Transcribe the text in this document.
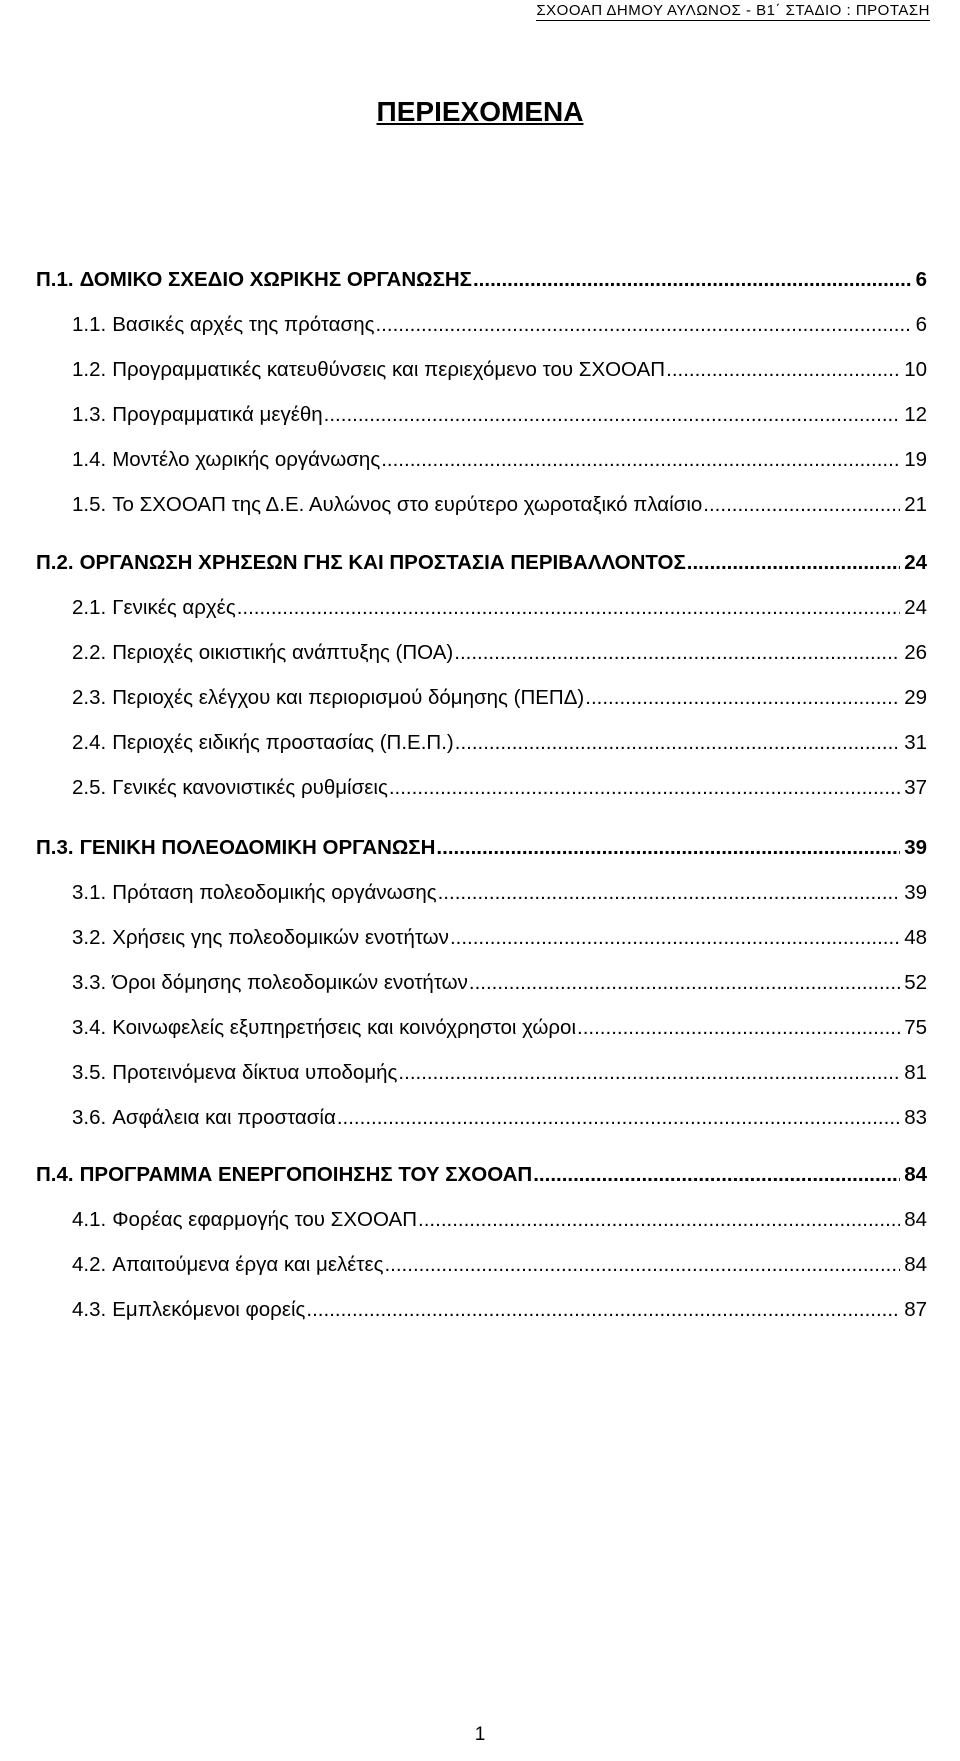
ΣΧΟΟΑΠ ΔΗΜΟΥ ΑΥΛΩΝΟΣ - Β1΄ ΣΤΑΔΙΟ : ΠΡΟΤΑΣΗ
ΠΕΡΙΕΧΟΜΕΝΑ
Π.1. ΔΟΜΙΚΟ ΣΧΕΔΙΟ ΧΩΡΙΚΗΣ ΟΡΓΑΝΩΣΗΣ .....	6
1.1. Βασικές αρχές της πρότασης .....	6
1.2. Προγραμματικές κατευθύνσεις και περιεχόμενο του ΣΧΟΟΑΠ .....	10
1.3. Προγραμματικά μεγέθη .....	12
1.4. Μοντέλο χωρικής οργάνωσης .....	19
1.5. Το ΣΧΟΟΑΠ της Δ.Ε. Αυλώνος στο ευρύτερο χωροταξικό πλαίσιο .....	21
Π.2. ΟΡΓΑΝΩΣΗ ΧΡΗΣΕΩΝ ΓΗΣ ΚΑΙ ΠΡΟΣΤΑΣΙΑ ΠΕΡΙΒΑΛΛΟΝΤΟΣ .....	24
2.1. Γενικές αρχές .....	24
2.2. Περιοχές οικιστικής ανάπτυξης (ΠΟΑ) .....	26
2.3. Περιοχές ελέγχου και περιορισμού δόμησης (ΠΕΠΔ) .....	29
2.4. Περιοχές ειδικής προστασίας (Π.Ε.Π.) .....	31
2.5. Γενικές κανονιστικές ρυθμίσεις .....	37
Π.3. ΓΕΝΙΚΗ ΠΟΛΕΟΔΟΜΙΚΗ ΟΡΓΑΝΩΣΗ .....	39
3.1. Πρόταση πολεοδομικής οργάνωσης .....	39
3.2. Χρήσεις γης πολεοδομικών ενοτήτων .....	48
3.3. Όροι δόμησης πολεοδομικών ενοτήτων .....	52
3.4. Κοινωφελείς εξυπηρετήσεις και κοινόχρηστοι χώροι .....	75
3.5. Προτεινόμενα δίκτυα υποδομής .....	81
3.6. Ασφάλεια και προστασία .....	83
Π.4. ΠΡΟΓΡΑΜΜΑ ΕΝΕΡΓΟΠΟΙΗΣΗΣ ΤΟΥ ΣΧΟΟΑΠ .....	84
4.1. Φορέας εφαρμογής του ΣΧΟΟΑΠ .....	84
4.2. Απαιτούμενα έργα και μελέτες .....	84
4.3. Εμπλεκόμενοι φορείς .....	87
1
